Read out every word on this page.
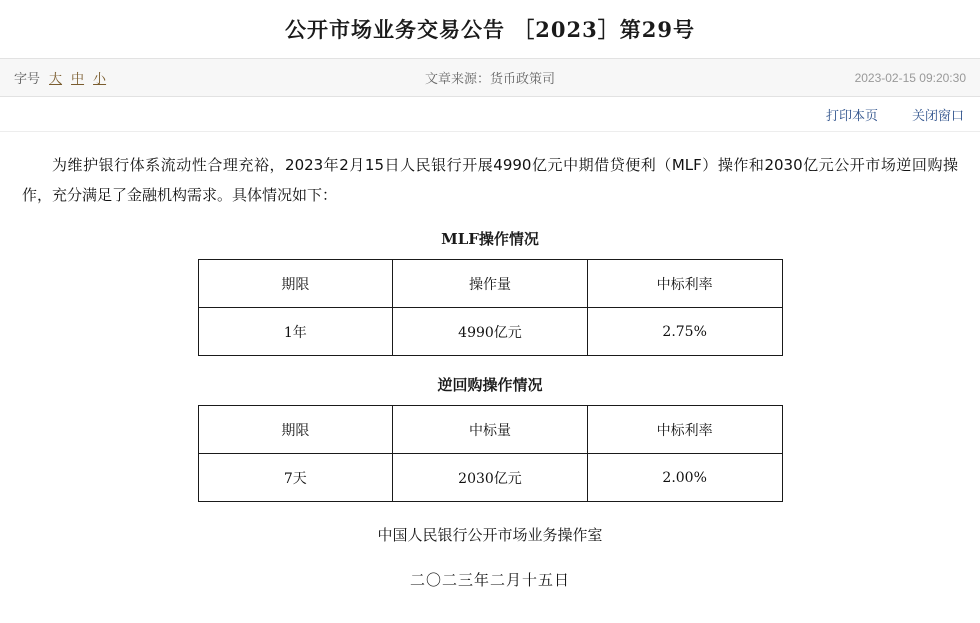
公开市场业务交易公告 ［2023］第29号
字号 大 中 小	文章来源：货币政策司	2023-02-15 09:20:30
打印本页	关闭窗口

为维护银行体系流动性合理充裕，2023年2月15日人民银行开展4990亿元中期借贷便利（MLF）操作和2030亿元公开市场逆回购操作，充分满足了金融机构需求。具体情况如下：

MLF操作情况
期限	操作量	中标利率
1年	4990亿元	2.75%
逆回购操作情况
期限	中标量	中标利率
7天	2030亿元	2.00%
中国人民银行公开市场业务操作室
二〇二三年二月十五日
